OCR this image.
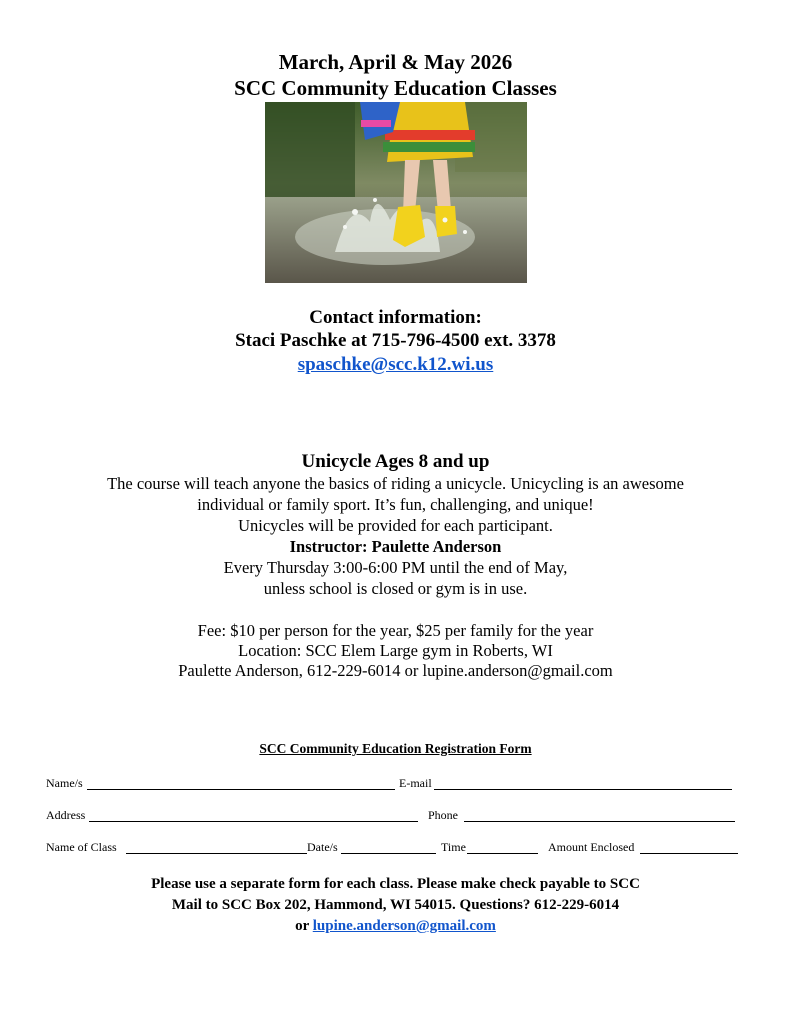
March, April & May 2026
SCC Community Education Classes
Contact information:
Staci Paschke at 715-796-4500 ext. 3378
spaschke@scc.k12.wi.us
Unicycle Ages 8 and up
The course will teach anyone the basics of riding a unicycle. Unicycling is an awesome
individual or family sport. It’s fun, challenging, and unique!
Unicycles will be provided for each participant.
Instructor: Paulette Anderson
Every Thursday 3:00-6:00 PM until the end of May,
unless school is closed or gym is in use.
Fee: $10 per person for the year, $25 per family for the year
Location: SCC Elem Large gym in Roberts, WI
Paulette Anderson, 612-229-6014 or lupine.anderson@gmail.com
SCC Community Education Registration Form
Name/s	E-mail
Address	Phone
Name of Class	Date/s	Time	Amount Enclosed
Please use a separate form for each class. Please make check payable to SCC
Mail to SCC Box 202, Hammond, WI 54015. Questions? 612-229-6014
or lupine.anderson@gmail.com
